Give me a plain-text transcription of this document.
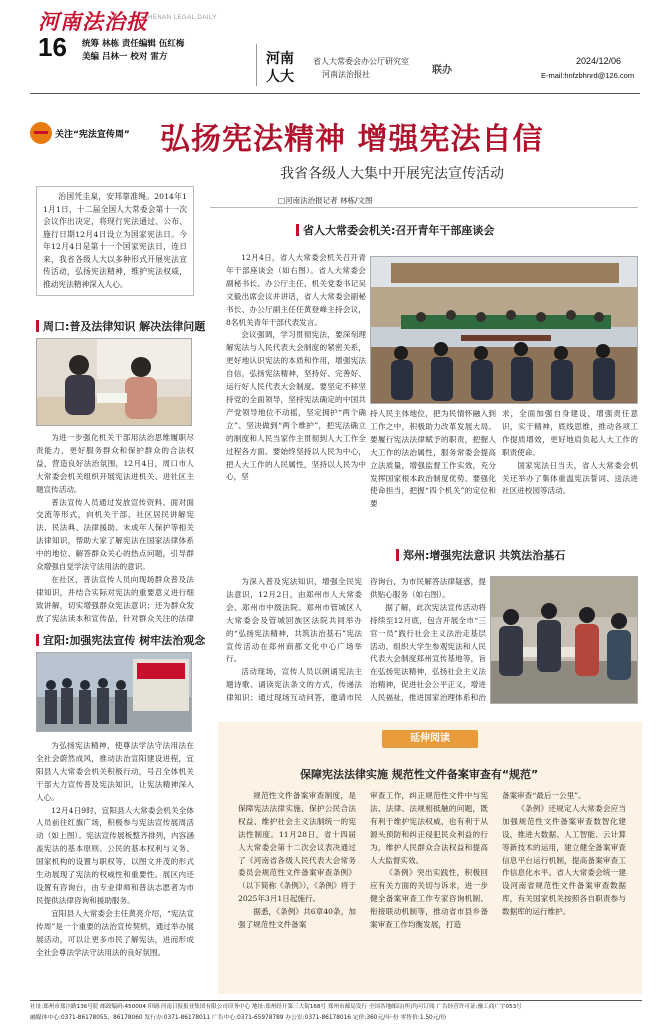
河南法治报 HENAN LEGAL DAILY
16 统筹 林栋 责任编辑 伍红梅
美编 吕林一 校对 雷方	河南
人大
省人大常委会办公厅研究室
河南法治报社	联办
2024/12/06
E-mail:hnfzbhnrd@126.com
关注“宪法宣传周” 弘扬宪法精神 增强宪法自信
我省各级人大集中开展宪法宣传活动
□河南法治报记者 林栋/文图
治国凭圭臬，安邦靠准绳。2014年11月1日，十二届全国人大常委会第十一次会议作出决定，将现行宪法通过、公布、施行日期12月4日设立为国家宪法日。今年12月4日是第十一个国家宪法日，连日来，我省各级人大以多种形式开展宪法宣传活动，弘扬宪法精神，维护宪法权威，推动宪法精神深入人心。
省人大常委会机关:召开青年干部座谈会

12月4日，省人大常委会机关召开青年干部座谈会（如右图）。省人大常委会副秘书长、办公厅主任、机关党委书记吴文毅出席会议并讲话，省人大常委会副秘书长、办公厅副主任任黄登峰主持会议，8名机关青年干部代表发言。

会议强调，学习贯彻宪法，要深刻理解宪法与人民代表大会制度的紧密关系，更好地认识宪法的本质和作用，增强宪法自信，弘扬宪法精神，坚持好、完善好、运行好人民代表大会制度。要坚定不移坚持党的全面领导，坚持宪法确定的中国共产党领导地位不动摇，坚定拥护“两个确立”、坚决做到“两个维护”，把宪法确立的制度和人民当家作主贯彻到人大工作全过程各方面。要始终坚持以人民为中心，把人大工作的人民属性，坚持以人民为中心，坚

持人民主体地位，把为民情怀融入到工作之中，积极助力改革发展大局。要履行宪法法律赋予的职责，把握人大工作的法治属性，服务常委会提高立法质量，增强监督工作实效，充分发挥国家根本政治制度优势。要强化使命担当，把握“四个机关”的定位和要

求，全面加强自身建设，增强责任意识，实干精神，底线思维，推动各项工作提质增效，更好地肩负起人大工作的职责使命。

国家宪法日当天，省人大常委会机关还举办了集体重温宪法誓词、送法进社区进校园等活动。

周口:普及法律知识 解决法律问题

为进一步强化机关干部用法治思维履职尽责能力，更好服务群众和保护群众的合法权益，营造良好法治氛围，12月4日，周口市人大常委会机关组织开展宪法进机关、进社区主题宣传活动。

普法宣传人员通过发放宣传资料、面对面交流等形式，向机关干部、社区居民讲解宪法、民法典、法律援助、未成年人保护等相关法律知识，帮助大家了解宪法在国家法律体系中的地位、解答群众关心的热点问题，引导群众增强自觉学法守法用法的意识。

在社区，普法宣传人员向现场群众普及法律知识，并结合实际对宪法的重要意义进行细致讲解，切实增强群众宪法意识；还为群众发放了宪法读本和宣传品，针对群众关注的法律

宜阳:加强宪法宣传 树牢法治观念

为弘扬宪法精神，使尊法学法守法用法在全社会蔚然成风，推动法治宣阳建设进程，宜阳县人大常委会机关积极行动，号召全体机关干部大力宣传普及宪法知识，让宪法精神深入人心。

12月4日9时，宜阳县人大常委会机关全体人员前往红旗广场，积极参与宪法宣传展周活动（如上图）。宪法宣传展板整齐排列，内容涵盖宪法的基本原则、公民的基本权利与义务、国家机构的设置与职权等，以图文并茂的形式生动展现了宪法的权威性和重要性。展区内还设置有咨询台，由专业律师和普法志愿者为市民提供法律咨询和援助服务。

宜阳县人大常委会主任黄亮介绍，“宪法宣传周”是一个重要的法治宣传契机，通过举办展展活动，可以让更多市民了解宪法，进而形成全社会尊法学法守法用法的良好氛围。

郑州:增强宪法意识 共筑法治基石

为深入普及宪法知识，增强全民宪法意识，12月2日，由郑州市人大常委会、郑州市中级法院、郑州市管城区人大常委会及管城回族区法院共同举办的“弘扬宪法精神，共筑法治基石”宪法宣传活动在郑州商都文化中心广场举行。

活动现场，宣传人员以朗诵宪法主题诗歌、诵读宪法条文的方式，传递法律知识；通过现场互动问答，邀请市民

咨询台，为市民解答法律疑惑，提供贴心服务（如右图）。

据了解，此次宪法宣传活动将持续至12月底，包含开展全市“三官一员”践行社会主义法治走基层活动、组织大学生参观宪法和人民代表大会制度郑州宣传基地等，旨在弘扬宪法精神，弘扬社会主义法治精神，促进社会公平正义，增进人民福祉，推进国家治理体系和治

延伸阅读
保障宪法法律实施 规范性文件备案审查有“规范”

规范性文件备案审查制度，是保障宪法法律实施、保护公民合法权益、维护社会主义法制统一的宪法性制度。11月28日，省十四届人大常委会第十二次会议表决通过了《河南省各级人民代表大会常务委员会规范性文件备案审查条例》（以下简称《条例》），《条例》将于2025年3月1日起施行。

据悉，《条例》共6章40条，加强了规范性文件备案

审查工作，纠正规范性文件中与宪法、法律、法规相抵触的问题，既有利于维护宪法权威，也有利于从源头预防和纠正侵犯民众利益的行为，维护人民群众合法权益和提高人大监督实效。

《条例》突出实践性，积极回应有关方面的关切与诉求，进一步健全备案审查工作专家咨询机制、衔接联动机制等，推动省市县乡备案审查工作均衡发展，打造

备案审查“最后一公里”。

《条例》还规定人大常委会应当加强规范性文件备案审查数智化建设，推进大数据、人工智能、云计算等新技术的运用，建立健全备案审查信息平台运行机制，提高备案审查工作信息化水平。省人大常委会统一建设河南省规范性文件备案审查数据库，有关国家机关按照各自职责参与数据库的运行维护。

社址:郑州市郑汴路136号院 邮政编码:450004 印刷:河南日报报业集团有限公司印务中心 地址:郑州经开第三大街168号 郑州市邮局发行 全国各地邮局(所)均可订阅 广告经营许可证:豫工商广字053号
融媒体中心:0371-86178055、86178060 发行办:0371-86178011 广告中心:0371-65978789 办公室:0371-86178016 定价:360元/年·份 零售价:1.50元/份
